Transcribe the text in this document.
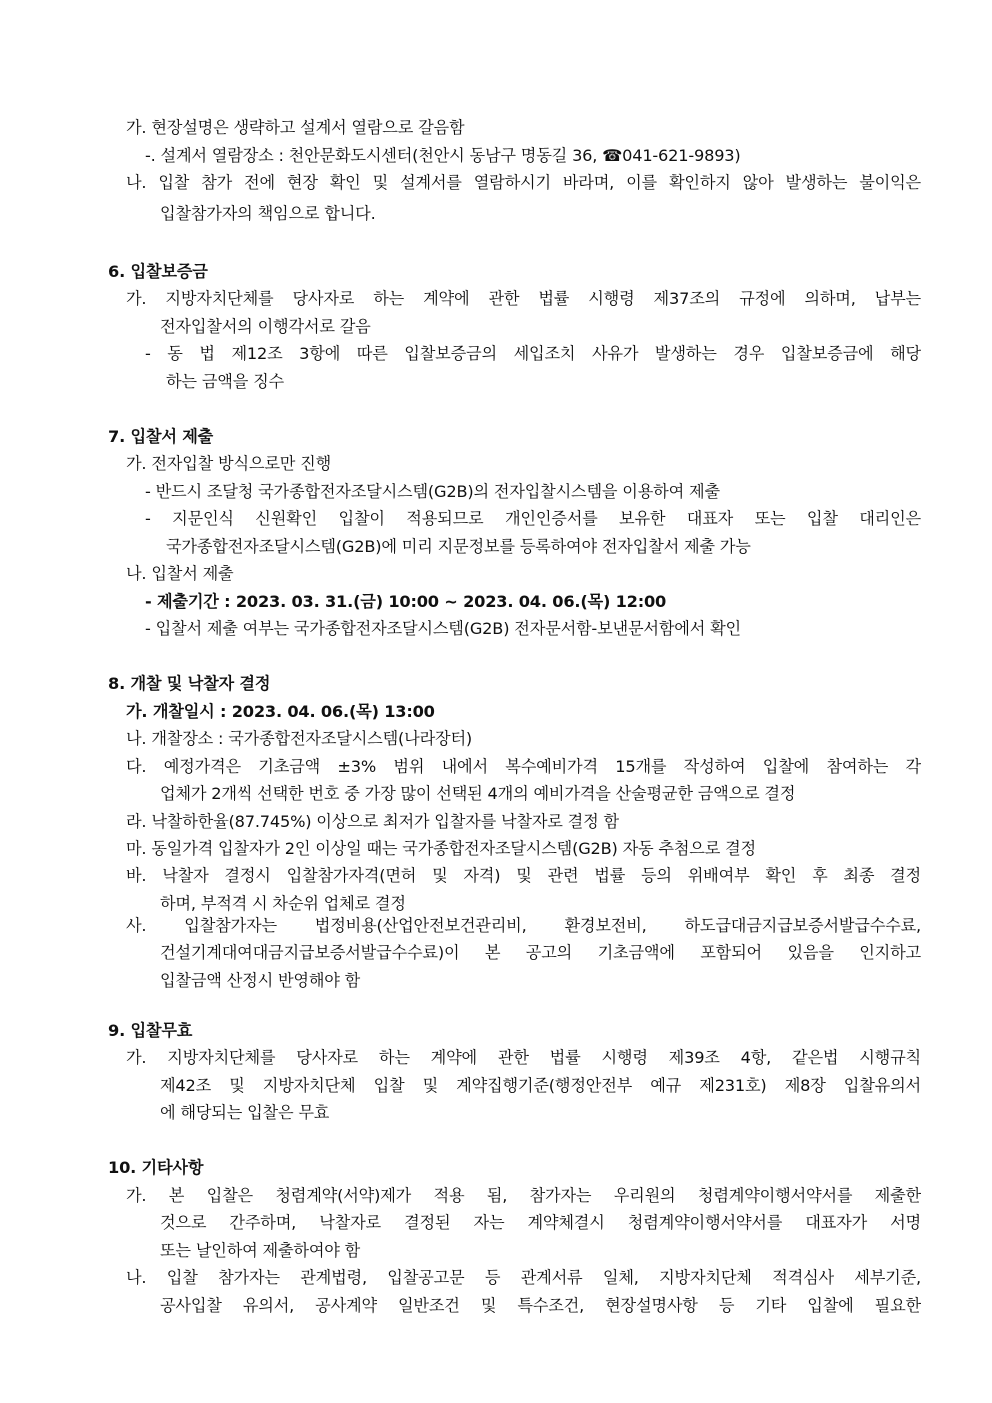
가. 현장설명은 생략하고 설계서 열람으로 갈음함
-. 설계서 열람장소 : 천안문화도시센터(천안시 동남구 명동길 36, ☎041-621-9893)
나. 입찰 참가 전에 현장 확인 및 설계서를 열람하시기 바라며, 이를 확인하지 않아 발생하는 불이익은
입찰참가자의 책임으로 합니다.
6. 입찰보증금
가. 지방자치단체를 당사자로 하는 계약에 관한 법률 시행령 제37조의 규정에 의하며, 납부는
전자입찰서의 이행각서로 갈음
- 동 법 제12조 3항에 따른 입찰보증금의 세입조치 사유가 발생하는 경우 입찰보증금에 해당
하는 금액을 징수
7. 입찰서 제출
가. 전자입찰 방식으로만 진행
- 반드시 조달청 국가종합전자조달시스템(G2B)의 전자입찰시스템을 이용하여 제출
- 지문인식 신원확인 입찰이 적용되므로 개인인증서를 보유한 대표자 또는 입찰 대리인은
국가종합전자조달시스템(G2B)에 미리 지문정보를 등록하여야 전자입찰서 제출 가능
나. 입찰서 제출
- 제출기간 : 2023. 03. 31.(금) 10:00 ~ 2023. 04. 06.(목) 12:00
- 입찰서 제출 여부는 국가종합전자조달시스템(G2B) 전자문서함-보낸문서함에서 확인
8. 개찰 및 낙찰자 결정
가. 개찰일시 : 2023. 04. 06.(목) 13:00
나. 개찰장소 : 국가종합전자조달시스템(나라장터)
다. 예정가격은 기초금액 ±3% 범위 내에서 복수예비가격 15개를 작성하여 입찰에 참여하는 각
업체가 2개씩 선택한 번호 중 가장 많이 선택된 4개의 예비가격을 산술평균한 금액으로 결정
라. 낙찰하한율(87.745%) 이상으로 최저가 입찰자를 낙찰자로 결정 함
마. 동일가격 입찰자가 2인 이상일 때는 국가종합전자조달시스템(G2B) 자동 추첨으로 결정
바. 낙찰자 결정시 입찰참가자격(면허 및 자격) 및 관련 법률 등의 위배여부 확인 후 최종 결정
하며, 부적격 시 차순위 업체로 결정
사. 입찰참가자는 법정비용(산업안전보건관리비, 환경보전비, 하도급대금지급보증서발급수수료,
건설기계대여대금지급보증서발급수수료)이 본 공고의 기초금액에 포함되어 있음을 인지하고
입찰금액 산정시 반영해야 함
9. 입찰무효
가. 지방자치단체를 당사자로 하는 계약에 관한 법률 시행령 제39조 4항, 같은법 시행규칙
제42조 및 지방자치단체 입찰 및 계약집행기준(행정안전부 예규 제231호) 제8장 입찰유의서
에 해당되는 입찰은 무효
10. 기타사항
가. 본 입찰은 청렴계약(서약)제가 적용 됨, 참가자는 우리원의 청렴계약이행서약서를 제출한
것으로 간주하며, 낙찰자로 결정된 자는 계약체결시 청렴계약이행서약서를 대표자가 서명
또는 날인하여 제출하여야 함
나. 입찰 참가자는 관계법령, 입찰공고문 등 관계서류 일체, 지방자치단체 적격심사 세부기준,
공사입찰 유의서, 공사계약 일반조건 및 특수조건, 현장설명사항 등 기타 입찰에 필요한
